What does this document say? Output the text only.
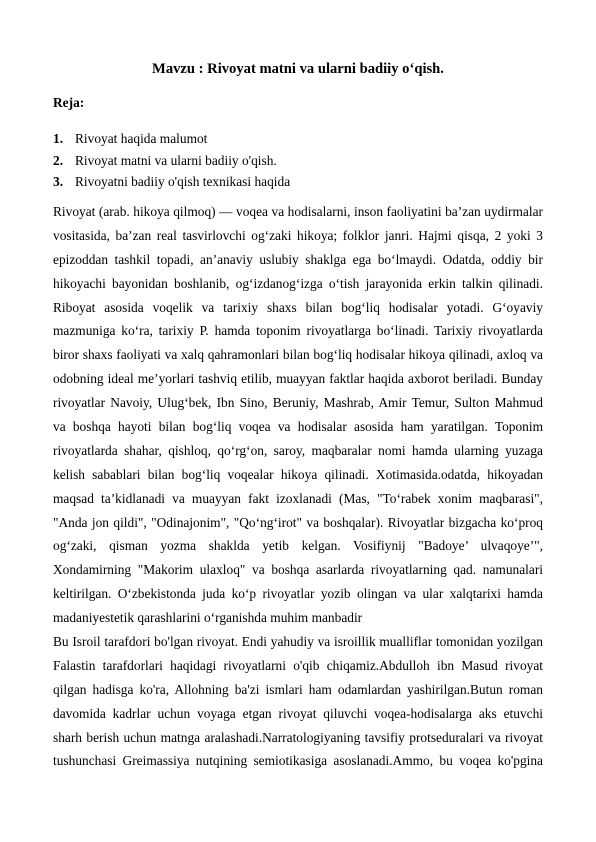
Mavzu : Rivoyat matni va ularni badiiy o‘qish.
Reja:
1. Rivoyat haqida malumot
2. Rivoyat matni va ularni badiiy o'qish.
3. Rivoyatni badiiy o'qish texnikasi haqida
Rivoyat (arab. hikoya qilmoq) — voqea va hodisalarni, inson faoliyatini ba’zan uydirmalar
vositasida, ba’zan real tasvirlovchi og‘zaki hikoya; folklor janri. Hajmi qisqa, 2 yoki 3
epizoddan tashkil topadi, an’anaviy uslubiy shaklga ega bo‘lmaydi. Odatda, oddiy bir
hikoyachi bayonidan boshlanib, og‘izdanog‘izga o‘tish jarayonida erkin talkin qilinadi.
Riboyat asosida voqelik va tarixiy shaxs bilan bog‘liq hodisalar yotadi. G‘oyaviy
mazmuniga ko‘ra, tarixiy P. hamda toponim rivoyatlarga bo‘linadi. Tarixiy rivoyatlarda
biror shaxs faoliyati va xalq qahramonlari bilan bog‘liq hodisalar hikoya qilinadi, axloq va
odobning ideal me’yorlari tashviq etilib, muayyan faktlar haqida axborot beriladi. Bunday
rivoyatlar Navoiy, Ulug‘bek, Ibn Sino, Beruniy, Mashrab, Amir Temur, Sulton Mahmud
va boshqa hayoti bilan bog‘liq voqea va hodisalar asosida ham yaratilgan. Toponim
rivoyatlarda shahar, qishloq, qo‘rg‘on, saroy, maqbaralar nomi hamda ularning yuzaga
kelish sabablari bilan bog‘liq voqealar hikoya qilinadi. Xotimasida.odatda, hikoyadan
maqsad ta’kidlanadi va muayyan fakt izoxlanadi (Mas, "To‘rabek xonim maqbarasi",
"Anda jon qildi", "Odinajonim", "Qo‘ng‘irot" va boshqalar). Rivoyatlar bizgacha ko‘proq
og‘zaki, qisman yozma shaklda yetib kelgan. Vosifiynij "Badoye’ ulvaqoye’",
Xondamirning "Makorim ulaxloq" va boshqa asarlarda rivoyatlarning qad. namunalari
keltirilgan. O‘zbekistonda juda ko‘p rivoyatlar yozib olingan va ular xalqtarixi hamda
madaniyestetik qarashlarini o‘rganishda muhim manbadir
Bu Isroil tarafdori bo'lgan rivoyat. Endi yahudiy va isroillik mualliflar tomonidan yozilgan
Falastin tarafdorlari haqidagi rivoyatlarni o'qib chiqamiz.Abdulloh ibn Masud rivoyat
qilgan hadisga ko'ra, Allohning ba'zi ismlari ham odamlardan yashirilgan.Butun roman
davomida kadrlar uchun voyaga etgan rivoyat qiluvchi voqea-hodisalarga aks etuvchi
sharh berish uchun matnga aralashadi.Narratologiyaning tavsifiy protseduralari va rivoyat
tushunchasi Greimassiya nutqining semiotikasiga asoslanadi.Ammo, bu voqea ko'pgina
